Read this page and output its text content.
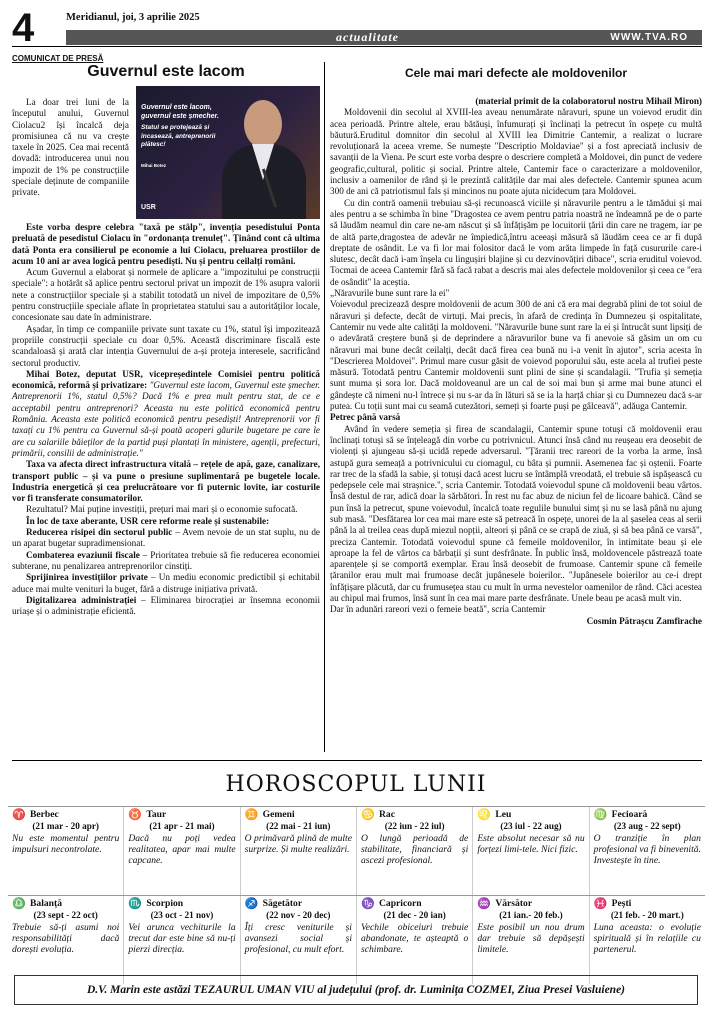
4	Meridianul, joi, 3 aprilie 2025
actualitate	WWW.TVA.RO
COMUNICAT DE PRESĂ
Guvernul este lacom	Cele mai mari defecte ale moldovenilor
Guvernul este lacom, guvernul este șmecher.
Statul se protejează și încasează, antreprenorii plătesc!
Mihai Botez
USR

La doar trei luni de la începutul anului, Guvernul Ciolacu2 își încalcă deja promisiunea că nu va crește taxele în 2025. Cea mai recentă dovadă: introducerea unui nou impozit de 1% pe construcțiile speciale deținute de companiile private.

Este vorba despre celebra "taxă pe stâlp", invenția pesedistului Ponta preluată de pesedistul Ciolacu în "ordonanța trenuleț". Ținând cont că ultima dată Ponta era consilierul pe economie a lui Ciolacu, preluarea prostiilor de acum 10 ani ar avea logică pentru pesediști. Nu și pentru ceilalți români.

Acum Guvernul a elaborat și normele de aplicare a "impozitului pe construcții speciale": a hotărât să aplice pentru sectorul privat un impozit de 1% asupra valorii nete a construcțiilor speciale și a stabilit totodată un nivel de impozitare de 0,5% pentru construcțiile speciale aflate în proprietatea statului sau a autorităților locale, concesionate sau date în administrare.

Așadar, în timp ce companiile private sunt taxate cu 1%, statul își impozitează propriile construcții speciale cu doar 0,5%. Această discriminare fiscală este scandaloasă și arată clar intenția Guvernului de a-și proteja interesele, sacrificând sectorul productiv.

Mihai Botez, deputat USR, vicepreședintele Comisiei pentru politică economică, reformă și privatizare: "Guvernul este lacom, Guvernul este șmecher. Antreprenorii 1%, statul 0,5%? Dacă 1% e prea mult pentru stat, de ce e acceptabil pentru antreprenori? Aceasta nu este politică economică pentru România. Aceasta este politică economică pentru pesediști! Antreprenorii vor fi taxați cu 1% pentru ca Guvernul să-și poată acoperi găurile bugetare pe care le are cu salariile băieților de la partid puși plantați în ministere, agenții, prefecturi, primării, consilii de administrație."

Taxa va afecta direct infrastructura vitală – rețele de apă, gaze, canalizare, transport public – și va pune o presiune suplimentară pe bugetele locale. Industria energetică și cea prelucrătoare vor fi puternic lovite, iar costurile vor fi transferate consumatorilor.

Rezultatul? Mai puține investiții, prețuri mai mari și o economie sufocată.

În loc de taxe aberante, USR cere reforme reale și sustenabile:

Reducerea risipei din sectorul public – Avem nevoie de un stat suplu, nu de un aparat bugetar supradimensionat.

Combaterea evaziunii fiscale – Prioritatea trebuie să fie reducerea economiei subterane, nu penalizarea antreprenorilor cinstiți.

Sprijinirea investițiilor private – Un mediu economic predictibil și echitabil aduce mai multe venituri la buget, fără a distruge inițiativa privată.

Digitalizarea administrației – Eliminarea birocrației ar însemna economii uriașe și o administrație eficientă.

(material primit de la colaboratorul nostru Mihail Miron)

Moldovenii din secolul al XVIII-lea aveau nenumărate năravuri, spune un voievod erudit din acea perioadă. Printre altele, erau bătăuși, înfumurați și înclinați la petrecut în ospețe cu multă băutură.Eruditul domnitor din secolul al XVIII lea Dimitrie Cantemir, a realizat o lucrare revoluționară la aceea vreme. Se numește "Descriptio Moldaviae" și a fost apreciată inclusiv de savanții de la Viena. Pe scurt este vorba despre o descriere completă a Moldovei, din punct de vedere geografic,cultural, politic și social. Printre altele, Cantemir face o caracterizare a moldovenilor, inclusiv a oamenilor de rând și le prezintă calitățile dar mai ales defectele. Cantemir spunea acum 300 de ani că patriotismul fals și mincinos nu poate ajuta nicidecum țara Moldovei.

Cu din contră oamenii trebuiau să-și recunoască viciile și năravurile pentru a le tămădui și mai ales pentru a se schimba în bine "Dragostea ce avem pentru patria noastră ne îndeamnă pe de o parte să lăudăm neamul din care ne-am născut și să înfățișăm pe locuitorii țării din care ne tragem, iar pe de altă parte,dragostea de adevăr ne împiedică,întru aceeași măsură să lăudăm ceea ce ar fi după dreptate de osândit. Le va fi lor mai folositor dacă le vom arăta limpede în față cusururile care-i slutesc, decât dacă i-am înșela cu lingușiri blajine și cu dezvinovățiri dibace", scria eruditul voievod. Tocmai de aceea Cantemir fără să facă rabat a descris mai ales defectele moldovenilor și ceea ce "era de osândit" la aceștia.

„Năravurile bune sunt rare la ei"

Voievodul precizează despre moldovenii de acum 300 de ani că era mai degrabă plini de tot soiul de năravuri și defecte, decât de virtuți. Mai precis, în afară de credința în Dumnezeu și ospitalitate, Cantemir nu vede alte calități la moldoveni. "Năravurile bune sunt rare la ei și întrucât sunt lipsiți de o adevărată creștere bună și de deprindere a năravurilor bune va fi anevoie să găsim un om cu năravuri mai bune decât ceilalți, decât dacă firea cea bună nu i-a venit în ajutor", scria acesta în "Descrierea Moldovei". Primul mare cusur găsit de voievod poporului său, este acela al trufiei peste măsură. Totodată pentru Cantemir moldovenii sunt plini de sine și scandalagii. "Trufia și semeția sunt muma și sora lor. Dacă moldoveanul are un cal de soi mai bun și arme mai bune atunci el gândește că nimeni nu-l întrece și nu s-ar da în lături să se ia la harță chiar și cu Dumnezeu dacă s-ar putea. Cu toții sunt mai cu seamă cutezători, semeți și foarte puși pe gâlceavă", adăuga Cantemir.

Petrec până varsă

Având în vedere semeția și firea de scandalagii, Cantemir spune totuși că moldovenii erau înclinați totuși să se înțeleagă din vorbe cu potrivnicul. Atunci însă când nu reușeau era deosebit de violenți și ajungeau să-și ucidă repede adversarul. "Țăranii trec rareori de la vorba la arme, însă astupă gura semeață a potrivnicului cu ciomagul, cu bâta și pumnii. Asemenea fac și oștenii. Foarte rar trec de la sfadă la sabie, și totuși dacă acest lucru se întâmplă vreodată, el trebuie să ispășească cu pedepsele cele mai strașnice.", scria Cantemir. Totodată voievodul spune că moldovenii beau vârtos. Însă destul de rar, adică doar la sărbători. În rest nu fac abuz de niciun fel de licoare bahică. Când se pun însă la petrecut, spune voievodul, încalcă toate regulile bunului simț și nu se lasă până nu ajung sub masă. "Desfătarea lor cea mai mare este să petreacă în ospețe, unorei de la al șaselea ceas al serii până la al treilea ceas după miezul nopții, alteori și până ce se crapă de ziuă, și să bea până ce varsă", preciza Cantemir. Totodată voievodul spune că femeile moldovenilor, în intimitate beau și ele aproape la fel de vârtos ca bărbații și sunt desfrânate. În public însă, moldovencele păstrează toate aparențele și se comportă exemplar. Erau însă deosebit de frumoase. Cantemir spune că femeile țăranilor erau mult mai frumoase decât jupânesele boierilor.. "Jupânesele boierilor au ce-i drept înfățișare plăcută, dar cu frumusețea stau cu mult în urma nevestelor oamenilor de rând. Căci acestea au chipul mai frumos, însă sunt în cea mai mare parte desfrânate. Unele beau pe acasă mult vin.

Dar în adunări rareori vezi o femeie beată", scria Cantemir

Cosmin Pătrașcu Zamfirache

HOROSCOPUL LUNII
♈ Berbec
(21 mar - 20 apr)
Nu este momentul pentru impulsuri necontrolate.
♉ Taur
(21 apr - 21 mai)
Dacă nu poți vedea realitatea, apar mai multe capcane.
♊ Gemeni
(22 mai - 21 iun)
O primăvară plină de multe surprize. Și multe realizări.
♋ Rac
(22 iun - 22 iul)
O lungă perioadă de stabilitate, financiară și ascezi profesional.
♌ Leu
(23 iul - 22 aug)
Este absolut necesar să nu forțezi limi-tele. Nici fizic.
♍ Fecioară
(23 aug - 22 sept)
O tranziție în plan profesional va fi binevenită. Investește în tine.
♎ Balanță
(23 sept - 22 oct)
Trebuie să-ți asumi noi responsabilități dacă dorești evoluția.
♏ Scorpion
(23 oct - 21 nov)
Vei arunca vechiturile la trecut dar este bine să nu-ți pierzi direcția.
♐ Săgetător
(22 nov - 20 dec)
Îți cresc veniturile și avansezi social și profesional, cu mult efort.
♑ Capricorn
(21 dec - 20 ian)
Vechile obiceiuri trebuie abandonate, te așteaptă o schimbare.
♒ Vărsător
(21 ian.- 20 feb.)
Este posibil un nou drum dar trebuie să depășești limitele.
♓ Pești
(21 feb. - 20 mart.)
Luna aceasta: o evoluție spirituală și în relațiile cu partenerul.
D.V. Marin este astăzi TEZAURUL UMAN VIU al județului (prof. dr. Luminița COZMEI, Ziua Presei Vasluiene)
